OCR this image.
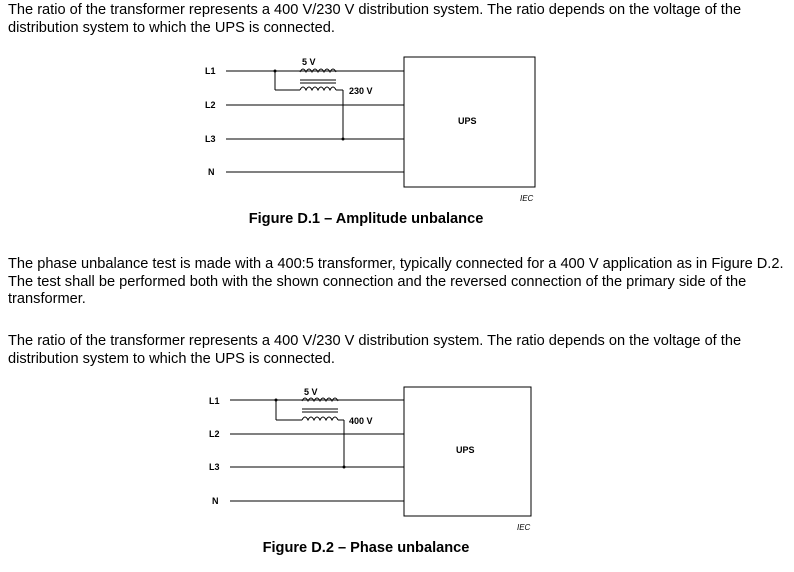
The ratio of the transformer represents a 400 V/230 V distribution system. The ratio depends on the voltage of the distribution system to which the UPS is connected.

L1
L2
L3
N
5 V
230 V
UPS
IEC
L1
L2
L3
N
5 V
400 V
UPS
IEC
Figure D.1 – Amplitude unbalance

The phase unbalance test is made with a 400:5 transformer, typically connected for a 400 V application as in Figure D.2. The test shall be performed both with the shown connection and the reversed connection of the primary side of the transformer.

The ratio of the transformer represents a 400 V/230 V distribution system. The ratio depends on the voltage of the distribution system to which the UPS is connected.

Figure D.2 – Phase unbalance
